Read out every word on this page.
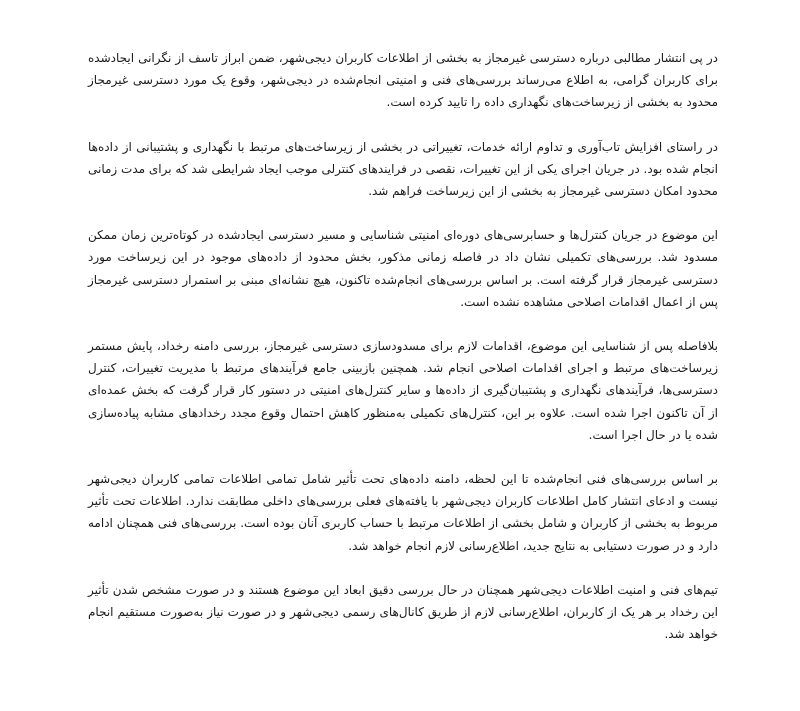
در پی انتشار مطالبی درباره دسترسی غیرمجاز به بخشی از اطلاعات کاربران دیجی‌شهر، ضمن ابراز تاسف از نگرانی ایجادشده برای کاربران گرامی، به اطلاع می‌رساند بررسی‌های فنی و امنیتی انجام‌شده در دیجی‌شهر، وقوع یک مورد دسترسی غیرمجاز محدود به بخشی از زیرساخت‌های نگهداری داده را تایید کرده است.

در راستای افزایش تاب‌آوری و تداوم ارائه خدمات، تغییراتی در بخشی از زیرساخت‌های مرتبط با نگهداری و پشتیبانی از داده‌ها انجام شده بود. در جریان اجرای یکی از این تغییرات، نقصی در فرایندهای کنترلی موجب ایجاد شرایطی شد که برای مدت زمانی محدود امکان دسترسی غیرمجاز به بخشی از این زیرساخت فراهم شد.

این موضوع در جریان کنترل‌ها و حسابرسی‌های دوره‌ای امنیتی شناسایی و مسیر دسترسی ایجادشده در کوتاه‌ترین زمان ممکن مسدود شد. بررسی‌های تکمیلی نشان داد در فاصله زمانی مذکور، بخش محدود از داده‌های موجود در این زیرساخت مورد دسترسی غیرمجاز قرار گرفته است. بر اساس بررسی‌های انجام‌شده تاکنون، هیچ نشانه‌ای مبنی بر استمرار دسترسی غیرمجاز پس از اعمال اقدامات اصلاحی مشاهده نشده است.

بلافاصله پس از شناسایی این موضوع، اقدامات لازم برای مسدودسازی دسترسی غیرمجاز، بررسی دامنه رخداد، پایش مستمر زیرساخت‌های مرتبط و اجرای اقدامات اصلاحی انجام شد. همچنین بازبینی جامع فرآیندهای مرتبط با مدیریت تغییرات، کنترل دسترسی‌ها، فرآیندهای نگهداری و پشتیبان‌گیری از داده‌ها و سایر کنترل‌های امنیتی در دستور کار قرار گرفت که بخش عمده‌ای از آن تاکنون اجرا شده است. علاوه بر این، کنترل‌های تکمیلی به‌منظور کاهش احتمال وقوع مجدد رخدادهای مشابه پیاده‌سازی شده یا در حال اجرا است.

بر اساس بررسی‌های فنی انجام‌شده تا این لحظه، دامنه داده‌های تحت تأثیر شامل تمامی اطلاعات تمامی کاربران دیجی‌شهر نیست و ادعای انتشار کامل اطلاعات کاربران دیجی‌شهر با یافته‌های فعلی بررسی‌های داخلی مطابقت ندارد. اطلاعات تحت تأثیر مربوط به بخشی از کاربران و شامل بخشی از اطلاعات مرتبط با حساب کاربری آنان بوده است. بررسی‌های فنی همچنان ادامه دارد و در صورت دستیابی به نتایج جدید، اطلاع‌رسانی لازم انجام خواهد شد.

تیم‌های فنی و امنیت اطلاعات دیجی‌شهر همچنان در حال بررسی دقیق ابعاد این موضوع هستند و در صورت مشخص شدن تأثیر این رخداد بر هر یک از کاربران، اطلاع‌رسانی لازم از طریق کانال‌های رسمی دیجی‌شهر و در صورت نیاز به‌صورت مستقیم انجام خواهد شد.
